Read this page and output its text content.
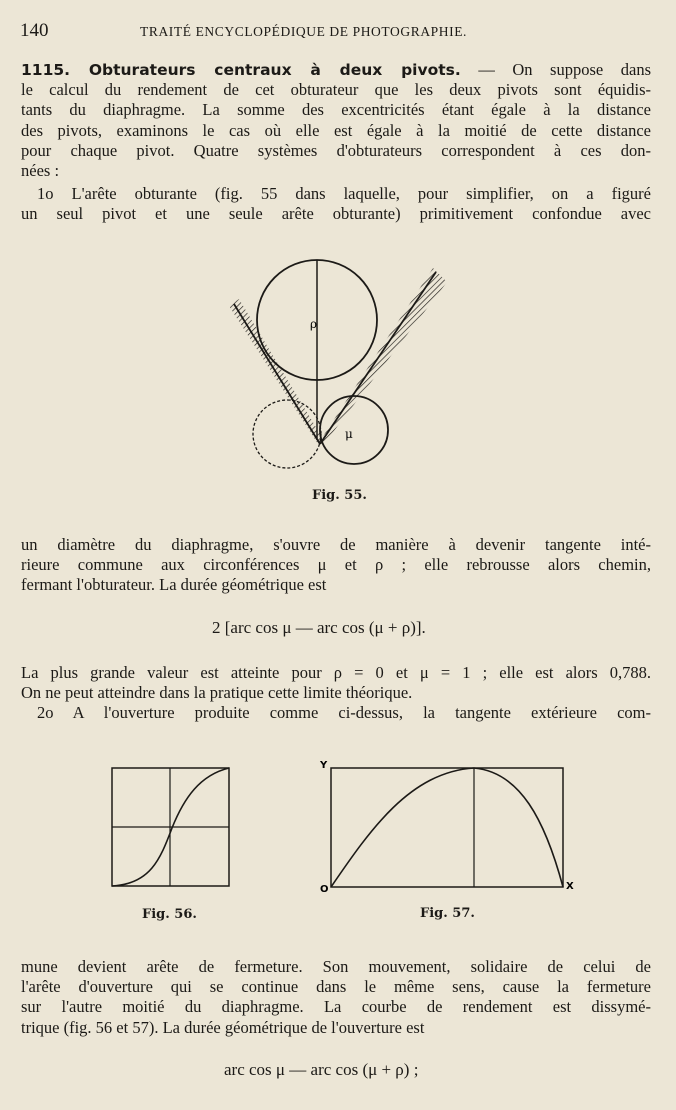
140	TRAITÉ ENCYCLOPÉDIQUE DE PHOTOGRAPHIE.
1115. Obturateurs centraux à deux pivots. — On suppose dans
le calcul du rendement de cet obturateur que les deux pivots sont équidis-
tants du diaphragme. La somme des excentricités étant égale à la distance
des pivots, examinons le cas où elle est égale à la moitié de cette distance
pour chaque pivot. Quatre systèmes d'obturateurs correspondent à ces don-
nées :
1o L'arête obturante (fig. 55 dans laquelle, pour simplifier, on a figuré
un seul pivot et une seule arête obturante) primitivement confondue avec
ρ
μ
Fig. 55.
un diamètre du diaphragme, s'ouvre de manière à devenir tangente inté-
rieure commune aux circonférences μ et ρ ; elle rebrousse alors chemin,
fermant l'obturateur. La durée géométrique est
2 [arc cos μ — arc cos (μ + ρ)].
La plus grande valeur est atteinte pour ρ = 0 et μ = 1 ; elle est alors 0,788.
On ne peut atteindre dans la pratique cette limite théorique.
2o A l'ouverture produite comme ci-dessus, la tangente extérieure com-
Fig. 56.
Y
O	X
Fig. 57.
mune devient arête de fermeture. Son mouvement, solidaire de celui de
l'arête d'ouverture qui se continue dans le même sens, cause la fermeture
sur l'autre moitié du diaphragme. La courbe de rendement est dissymé-
trique (fig. 56 et 57). La durée géométrique de l'ouverture est
arc cos μ — arc cos (μ + ρ) ;
